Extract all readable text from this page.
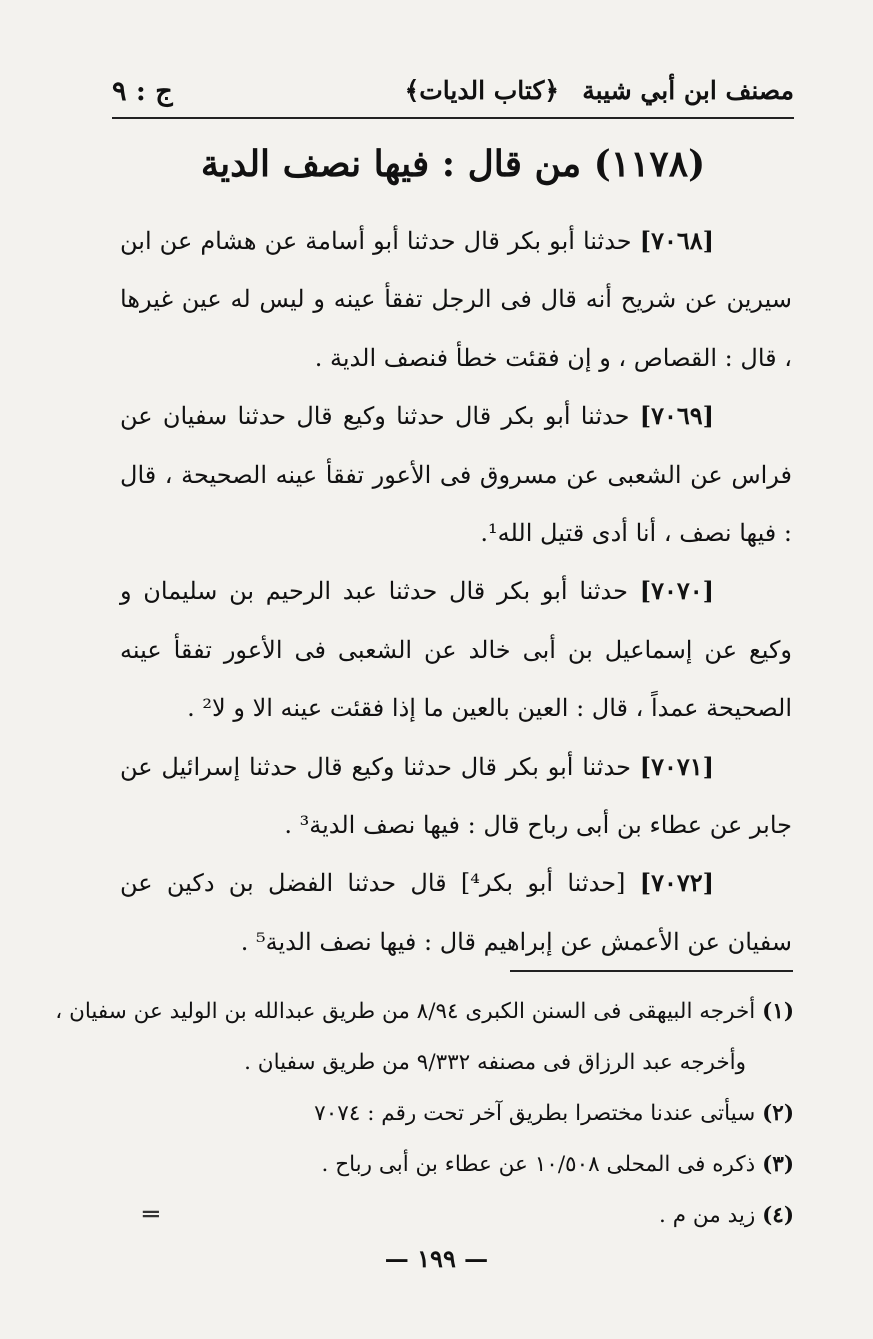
مصنف ابن أبي شيبة
﴿كتاب الديات﴾
ج : ٩
(١١٧٨) من قال : فيها نصف الدية

[٧٠٦٨] حدثنا أبو بكر قال حدثنا أبو أسامة عن هشام عن ابن سيرين عن شريح أنه قال فى الرجل تفقأ عينه و ليس له عين غيرها ، قال : القصاص ، و إن فقئت خطأ فنصف الدية .

[٧٠٦٩] حدثنا أبو بكر قال حدثنا وكيع قال حدثنا سفيان عن فراس عن الشعبى عن مسروق فى الأعور تفقأ عينه الصحيحة ، قال : فيها نصف ، أنا أدى قتيل الله¹.

[٧٠٧٠] حدثنا أبو بكر قال حدثنا عبد الرحيم بن سليمان و وكيع عن إسماعيل بن أبى خالد عن الشعبى فى الأعور تفقأ عينه الصحيحة عمداً ، قال : العين بالعين ما إذا فقئت عينه الا و لا² .

[٧٠٧١] حدثنا أبو بكر قال حدثنا وكيع قال حدثنا إسرائيل عن جابر عن عطاء بن أبى رباح قال : فيها نصف الدية³ .

[٧٠٧٢] [حدثنا أبو بكر⁴] قال حدثنا الفضل بن دكين عن سفيان عن الأعمش عن إبراهيم قال : فيها نصف الدية⁵ .

(١) أخرجه البيهقى فى السنن الكبرى ٨/٩٤ من طريق عبدالله بن الوليد عن سفيان ،

وأخرجه عبد الرزاق فى مصنفه ٩/٣٣٢ من طريق سفيان .

(٢) سيأتى عندنا مختصرا بطريق آخر تحت رقم : ٧٠٧٤

(٣) ذكره فى المحلى ١٠/٥٠٨ عن عطاء بن أبى رباح .

(٤) زيد من م .

═
— ١٩٩ —
